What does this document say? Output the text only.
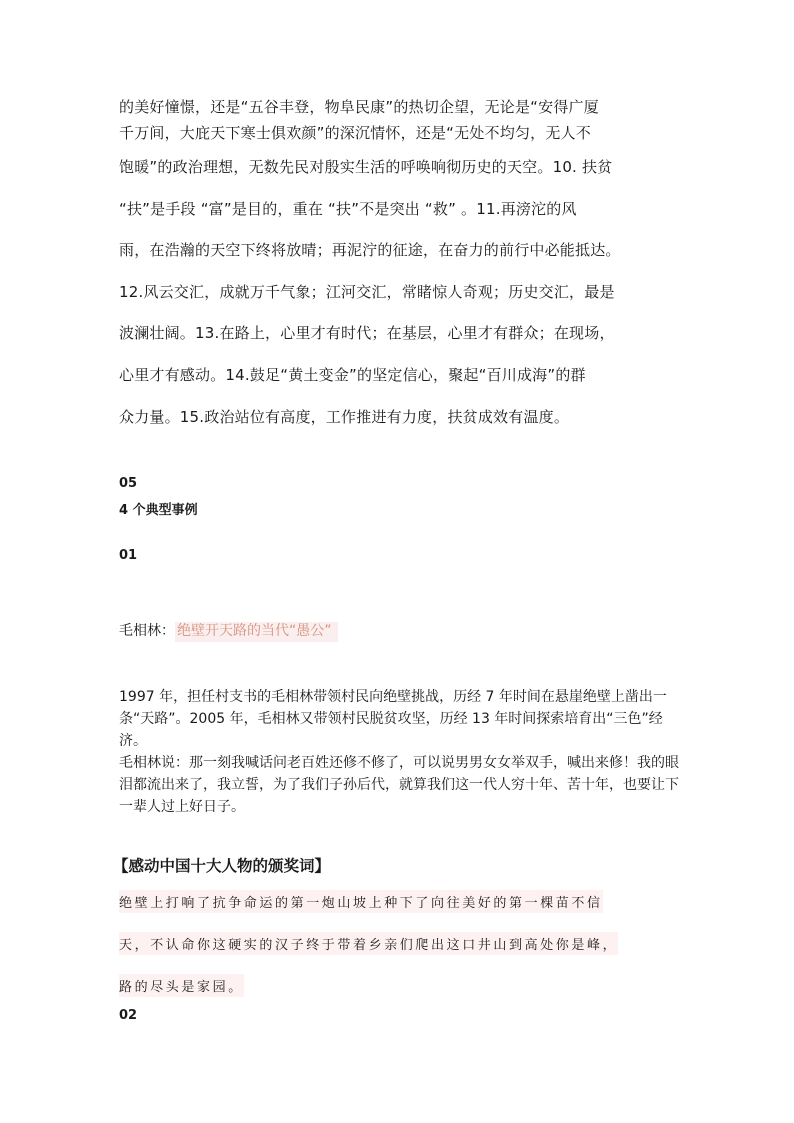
的美好憧憬，还是“五谷丰登，物阜民康”的热切企望，无论是“安得广厦
千万间，大庇天下寒士俱欢颜”的深沉情怀，还是“无处不均匀，无人不
饱暖”的政治理想，无数先民对殷实生活的呼唤响彻历史的天空。10. 扶贫
“扶”是手段 “富”是目的，重在 “扶”不是突出 “救” 。11.再滂沱的风
雨，在浩瀚的天空下终将放晴；再泥泞的征途，在奋力的前行中必能抵达。
12.风云交汇，成就万千气象；江河交汇，常睹惊人奇观；历史交汇，最是
波澜壮阔。13.在路上，心里才有时代；在基层，心里才有群众；在现场，
心里才有感动。14.鼓足“黄土变金”的坚定信心，聚起“百川成海”的群
众力量。15.政治站位有高度，工作推进有力度，扶贫成效有温度。
05
4 个典型事例
01
毛相林： 绝壁开天路的当代“愚公”

1997 年，担任村支书的毛相林带领村民向绝壁挑战，历经 7 年时间在悬崖绝壁上凿出一条“天路”。2005 年，毛相林又带领村民脱贫攻坚，历经 13 年时间探索培育出“三色”经济。

毛相林说：那一刻我喊话问老百姓还修不修了，可以说男男女女举双手，喊出来修！我的眼泪都流出来了，我立誓，为了我们子孙后代，就算我们这一代人穷十年、苦十年，也要让下一辈人过上好日子。

【感动中国十大人物的颁奖词】
绝壁上打响了抗争命运的第一炮山坡上种下了向往美好的第一棵苗不信
天，不认命你这硬实的汉子终于带着乡亲们爬出这口井山到高处你是峰，
路的尽头是家园。
02
